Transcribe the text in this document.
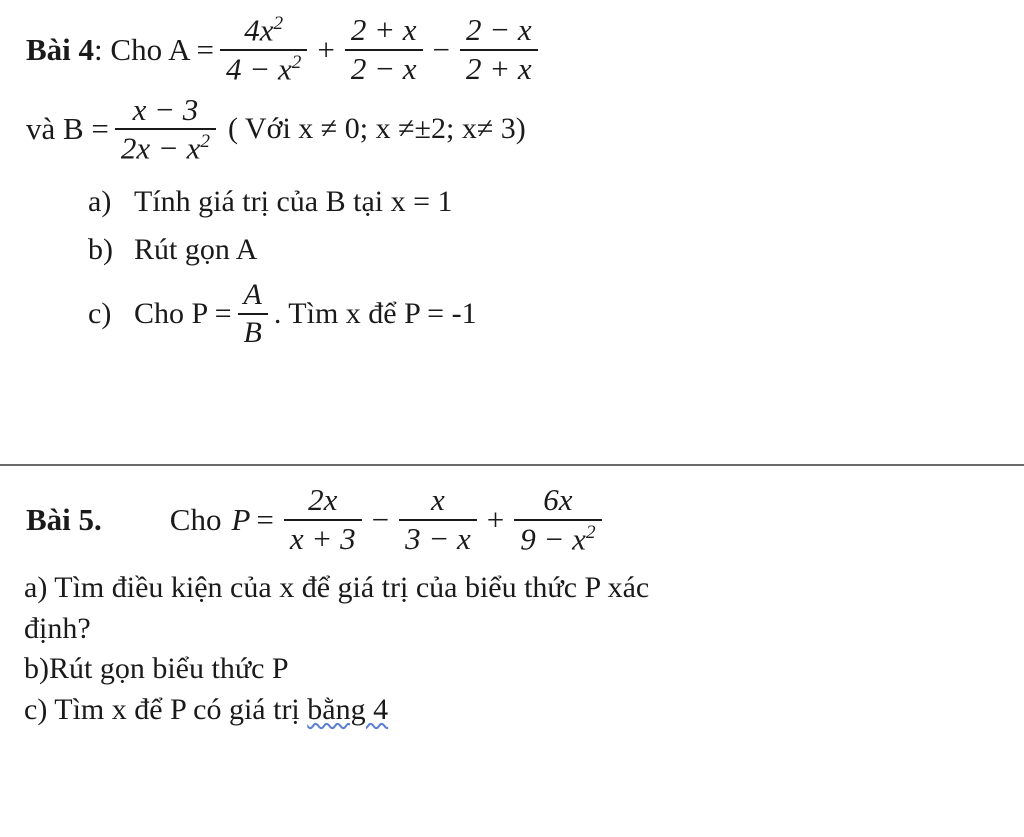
Bài 4 : Cho $A = \frac{4x^2}{4 - x^2} + \frac{2 + x}{2 - x} - \frac{2 - x}{2 + x}$
và $B = \frac{x - 3}{2x - x^2}$ ( Với x ≠ 0; x ≠±2; x≠ 3)
a) Tính giá trị của B tại x = 1
b) Rút gọn A
c) Cho $P = \frac{A}{B}$ . Tìm x để P = -1
Bài 5. Cho $P = \frac{2x}{x + 3} - \frac{x}{3 - x} + \frac{6x}{9 - x^2}$

a) Tìm điều kiện của x để giá trị của biểu thức P xác

định?

b)Rút gọn biểu thức P

c) Tìm x để P có giá trị bằng 4
